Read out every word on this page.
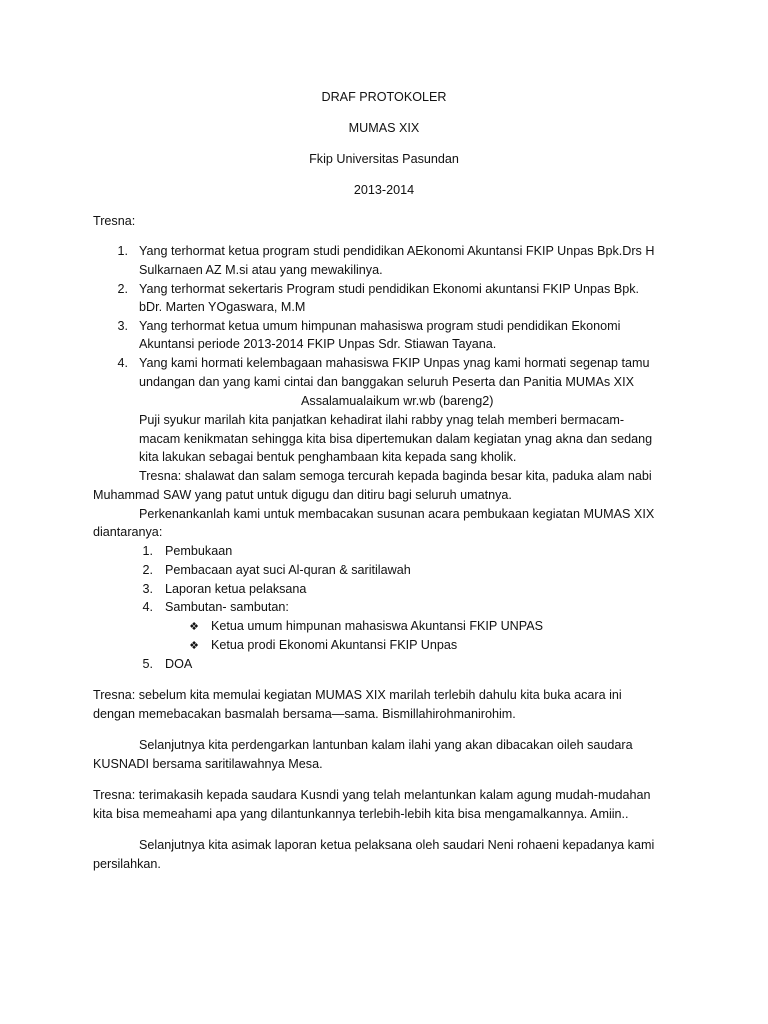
DRAF PROTOKOLER
MUMAS XIX
Fkip Universitas Pasundan
2013-2014
Tresna:
1. Yang terhormat ketua program studi pendidikan AEkonomi Akuntansi FKIP Unpas Bpk.Drs H
Sulkarnaen AZ M.si atau yang mewakilinya.
2. Yang terhormat sekertaris Program studi pendidikan Ekonomi akuntansi FKIP Unpas Bpk.
bDr. Marten YOgaswara, M.M
3. Yang terhormat ketua umum himpunan mahasiswa program studi pendidikan Ekonomi
Akuntansi periode 2013-2014 FKIP Unpas Sdr. Stiawan Tayana.
4. Yang kami hormati kelembagaan mahasiswa FKIP Unpas ynag kami hormati segenap tamu
undangan dan yang kami cintai dan banggakan seluruh Peserta dan Panitia MUMAs XIX
Assalamualaikum wr.wb (bareng2)
Puji syukur marilah kita panjatkan kehadirat ilahi rabby ynag telah memberi bermacam-
macam kenikmatan sehingga kita bisa dipertemukan dalam kegiatan ynag akna dan sedang
kita lakukan sebagai bentuk penghambaan kita kepada sang kholik.
Tresna: shalawat dan salam semoga tercurah kepada baginda besar kita, paduka alam nabi
Muhammad SAW yang patut untuk digugu dan ditiru bagi seluruh umatnya.
Perkenankanlah kami untuk membacakan susunan acara pembukaan kegiatan MUMAS XIX
diantaranya:
1. Pembukaan
2. Pembacaan ayat suci Al-quran & saritilawah
3. Laporan ketua pelaksana
4. Sambutan- sambutan:
❖ Ketua umum himpunan mahasiswa Akuntansi FKIP UNPAS
❖ Ketua prodi Ekonomi Akuntansi FKIP Unpas
5. DOA
Tresna: sebelum kita memulai kegiatan MUMAS XIX marilah terlebih dahulu kita buka acara ini
dengan memebacakan basmalah bersama—sama. Bismillahirohmanirohim.
Selanjutnya kita perdengarkan lantunban kalam ilahi yang akan dibacakan oileh saudara
KUSNADI bersama saritilawahnya Mesa.
Tresna: terimakasih kepada saudara Kusndi yang telah melantunkan kalam agung mudah-mudahan
kita bisa memeahami apa yang dilantunkannya terlebih-lebih kita bisa mengamalkannya. Amiin..
Selanjutnya kita asimak laporan ketua pelaksana oleh saudari Neni rohaeni kepadanya kami
persilahkan.
